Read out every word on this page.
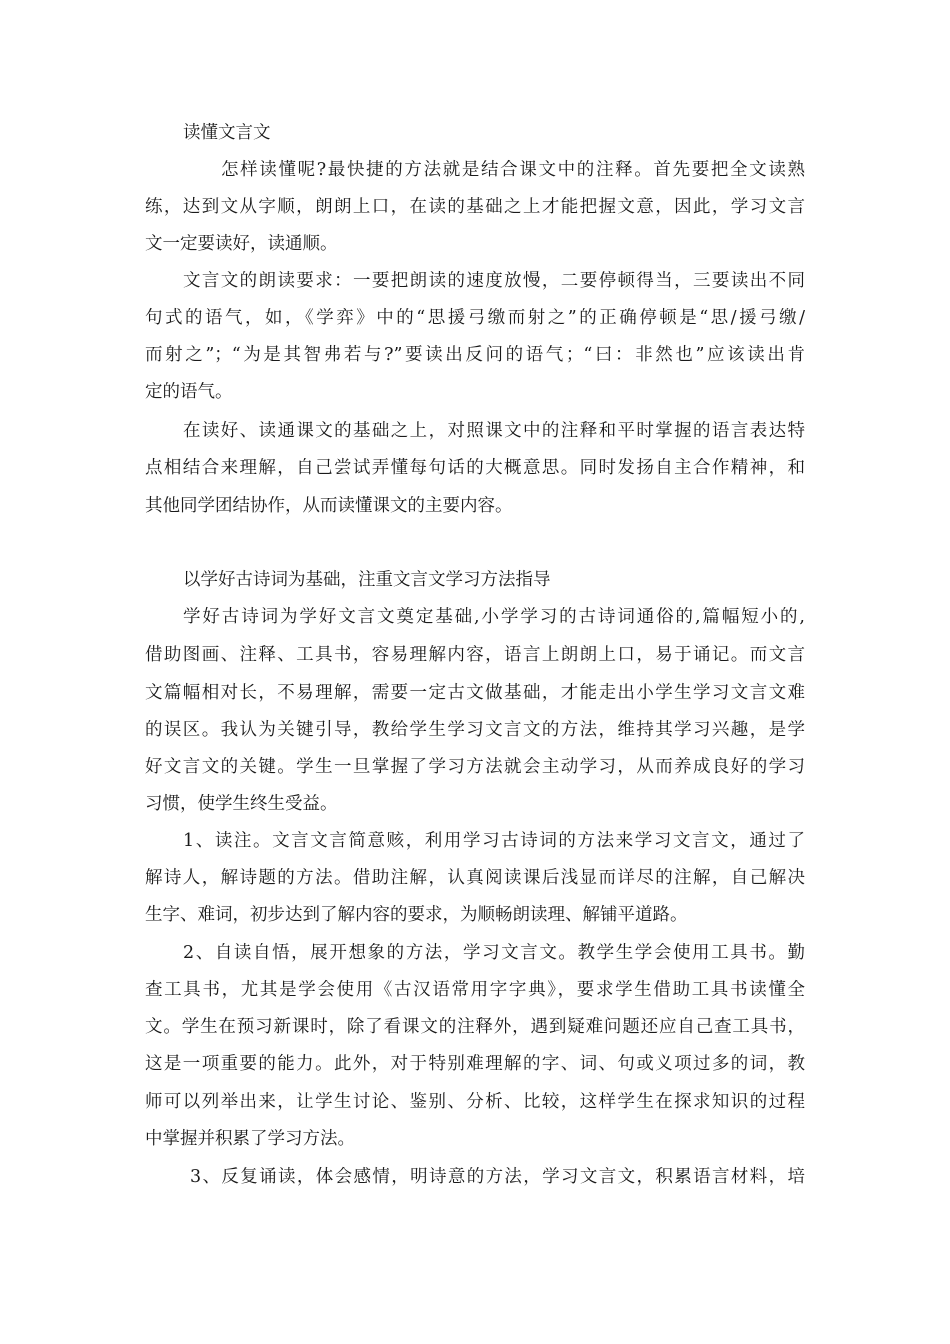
读懂文言文
怎样读懂呢?最快捷的方法就是结合课文中的注释。首先要把全文读熟
练，达到文从字顺，朗朗上口，在读的基础之上才能把握文意，因此，学习文言
文一定要读好，读通顺。
文言文的朗读要求：一要把朗读的速度放慢，二要停顿得当，三要读出不同
句式的语气，如，《学弈》中的“思援弓缴而射之”的正确停顿是“思/援弓缴/
而射之”；“为是其智弗若与?”要读出反问的语气；“曰：非然也”应该读出肯
定的语气。
在读好、读通课文的基础之上，对照课文中的注释和平时掌握的语言表达特
点相结合来理解，自己尝试弄懂每句话的大概意思。同时发扬自主合作精神，和
其他同学团结协作，从而读懂课文的主要内容。
以学好古诗词为基础，注重文言文学习方法指导
学好古诗词为学好文言文奠定基础,小学学习的古诗词通俗的,篇幅短小的,
借助图画、注释、工具书，容易理解内容，语言上朗朗上口，易于诵记。而文言
文篇幅相对长，不易理解，需要一定古文做基础，才能走出小学生学习文言文难
的误区。我认为关键引导，教给学生学习文言文的方法，维持其学习兴趣，是学
好文言文的关键。学生一旦掌握了学习方法就会主动学习，从而养成良好的学习
习惯，使学生终生受益。
1、读注。文言文言简意赅，利用学习古诗词的方法来学习文言文，通过了
解诗人，解诗题的方法。借助注解，认真阅读课后浅显而详尽的注解，自己解决
生字、难词，初步达到了解内容的要求，为顺畅朗读理、解铺平道路。
2、自读自悟，展开想象的方法，学习文言文。教学生学会使用工具书。勤
查工具书，尤其是学会使用《古汉语常用字字典》，要求学生借助工具书读懂全
文。学生在预习新课时，除了看课文的注释外，遇到疑难问题还应自己查工具书，
这是一项重要的能力。此外，对于特别难理解的字、词、句或义项过多的词，教
师可以列举出来，让学生讨论、鉴别、分析、比较，这样学生在探求知识的过程
中掌握并积累了学习方法。
3、反复诵读，体会感情，明诗意的方法，学习文言文，积累语言材料，培
